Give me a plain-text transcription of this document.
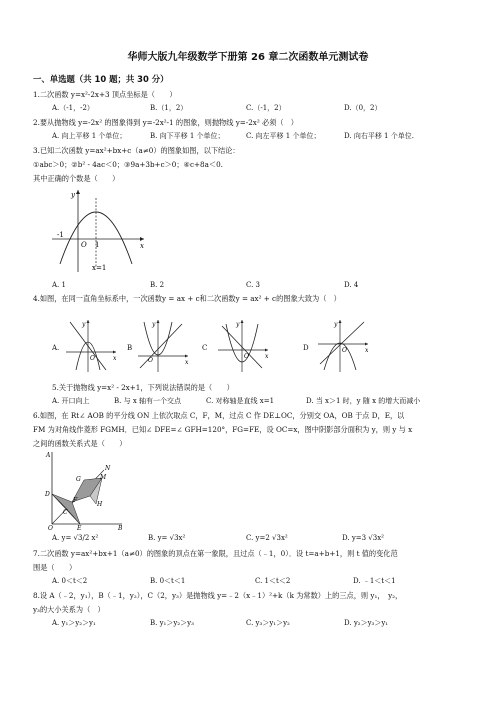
华师大版九年级数学下册第 26 章二次函数单元测试卷
一、单选题（共 10 题；共 30 分）
1.二次函数 y=x²-2x+3 顶点坐标是（　　）
A.（-1，-2）	B.（1，2）	C.（-1，2）	D.（0，2）
2.要从抛物线 y=-2x² 的图象得到 y=-2x²-1 的图象，则抛物线 y=-2x² 必须（　）
A. 向上平移 1 个单位；	B. 向下平移 1 个单位；	C. 向左平移 1 个单位；	D. 向右平移 1 个单位.
3.已知二次函数 y=ax²+bx+c（a≠0）的图象如图，以下结论：
①abc＞0；②b² - 4ac＜0；③9a+3b+c＞0；④c+8a＜0.
其中正确的个数是（　　）
y
x
-1
O 1
x=1
A. 1	B. 2	C. 3	D. 4
4.如图，在同一直角坐标系中，一次函数y = ax + c和二次函数y = ax² + c的图象大致为（　）
A.
y
x
O
B
y
x
O
C
y
x
O
D
y
x
O
5.关于抛物线 y=x² - 2x+1，下列说法错误的是（　　）
A. 开口向上	B. 与 x 轴有一个交点	C. 对称轴是直线 x=1	D. 当 x＞1 时，y 随 x 的增大而减小
6.如图，在 Rt∠ AOB 的平分线 ON 上依次取点 C，F，M，过点 C 作 DE⊥OC，分别交 OA，OB 于点 D，E，以
FM 为对角线作菱形 FGMH．已知∠ DFE=∠ GFH=120°，FG=FE，设 OC=x，图中阴影部分面积为 y，则 y 与 x
之间的函数关系式是（　　）
A
N
M
G
H
F
D
C
O	E	B
A. y= √3/2 x²	B. y= √3x²	C. y=2 √3x²	D. y=3 √3x²
7.二次函数 y=ax²+bx+1（a≠0）的图象的顶点在第一象限，且过点（﹣1，0）．设 t=a+b+1，则 t 值的变化范
围是（　　）
A. 0＜t＜2	B. 0＜t＜1	C. 1＜t＜2	D. ﹣1＜t＜1
8.设 A（﹣2，y₁），B（﹣1，y₂），C（2，y₃）是抛物线 y=﹣2（x﹣1）²+k（k 为常数）上的三点，则 y₁，　y₂，
y₃的大小关系为（　）
A. y₁＞y₂＞y₁	B. y₁＞y₂＞y₃	C. y₃＞y₁＞y₂	D. y₂＞y₃＞y₁
